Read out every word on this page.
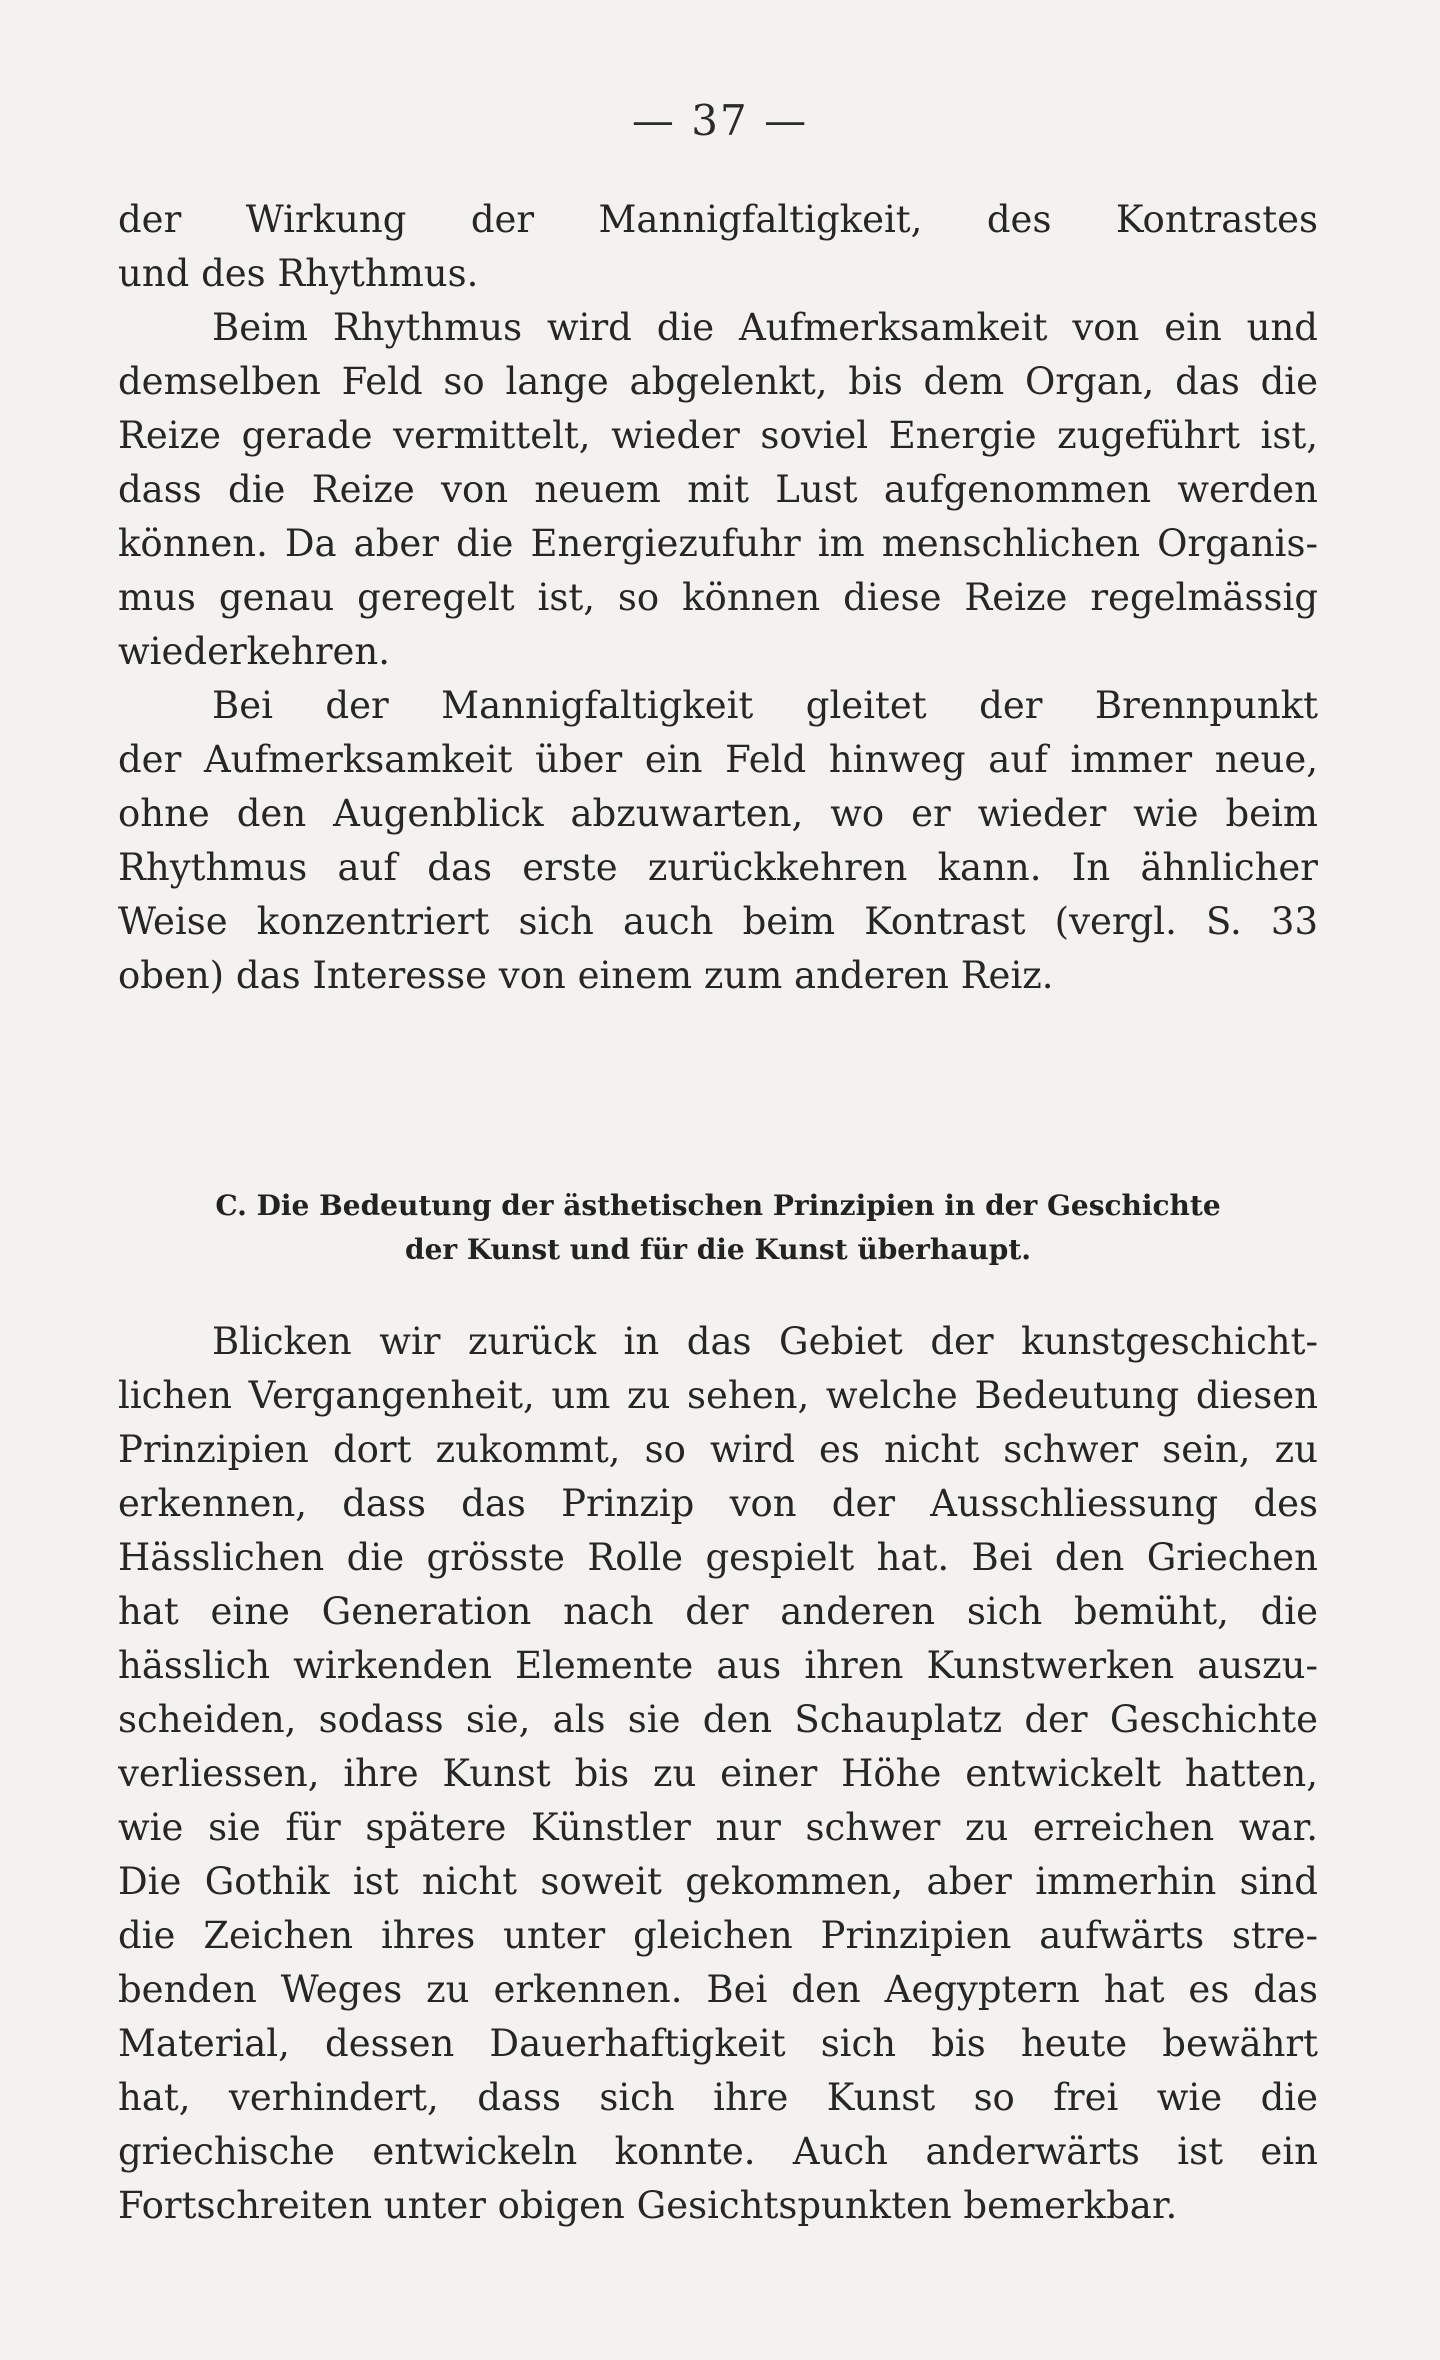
— 37 —
der Wirkung der Mannigfaltigkeit, des Kontrastes
und des Rhythmus.
Beim Rhythmus wird die Aufmerksamkeit von ein und
demselben Feld so lange abgelenkt, bis dem Organ, das die
Reize gerade vermittelt, wieder soviel Energie zugeführt ist,
dass die Reize von neuem mit Lust aufgenommen werden
können. Da aber die Energiezufuhr im menschlichen Organis-
mus genau geregelt ist, so können diese Reize regelmässig
wiederkehren.
Bei der Mannigfaltigkeit gleitet der Brennpunkt
der Aufmerksamkeit über ein Feld hinweg auf immer neue,
ohne den Augenblick abzuwarten, wo er wieder wie beim
Rhythmus auf das erste zurückkehren kann. In ähnlicher
Weise konzentriert sich auch beim Kontrast (vergl. S. 33
oben) das Interesse von einem zum anderen Reiz.
C. Die Bedeutung der ästhetischen Prinzipien in der Geschichte
der Kunst und für die Kunst überhaupt.
Blicken wir zurück in das Gebiet der kunstgeschicht-
lichen Vergangenheit, um zu sehen, welche Bedeutung diesen
Prinzipien dort zukommt, so wird es nicht schwer sein, zu
erkennen, dass das Prinzip von der Ausschliessung des
Hässlichen die grösste Rolle gespielt hat. Bei den Griechen
hat eine Generation nach der anderen sich bemüht, die
hässlich wirkenden Elemente aus ihren Kunstwerken auszu-
scheiden, sodass sie, als sie den Schauplatz der Geschichte
verliessen, ihre Kunst bis zu einer Höhe entwickelt hatten,
wie sie für spätere Künstler nur schwer zu erreichen war.
Die Gothik ist nicht soweit gekommen, aber immerhin sind
die Zeichen ihres unter gleichen Prinzipien aufwärts stre-
benden Weges zu erkennen. Bei den Aegyptern hat es das
Material, dessen Dauerhaftigkeit sich bis heute bewährt
hat, verhindert, dass sich ihre Kunst so frei wie die
griechische entwickeln konnte. Auch anderwärts ist ein
Fortschreiten unter obigen Gesichtspunkten bemerkbar.
